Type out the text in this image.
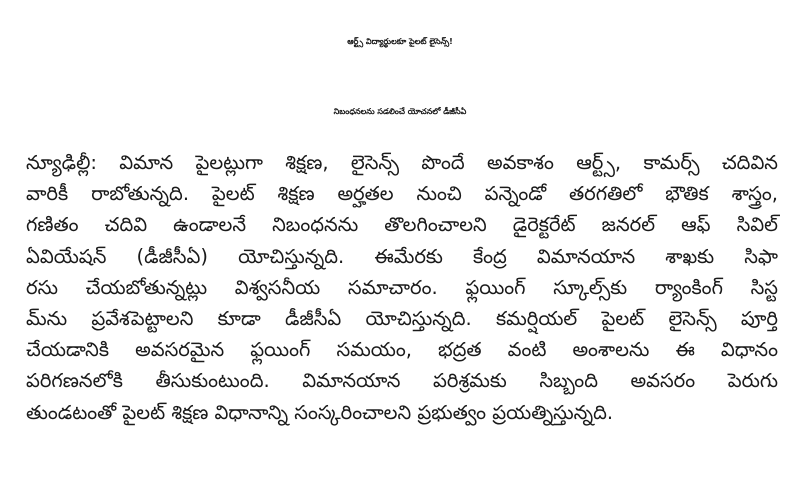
ఆర్ట్స్ విద్యార్థులకూ పైలట్ లైసెన్స్!
నిబంధనలను సడలించే యోచనలో డీజీసీఏ
న్యూఢిల్లీ: విమాన పైలట్లుగా శిక్షణ, లైసెన్స్ పొందే అవకాశం ఆర్ట్స్, కామర్స్ చదివిన
వారికీ రాబోతున్నది. పైలట్ శిక్షణ అర్హతల నుంచి పన్నెండో తరగతిలో భౌతిక శాస్త్రం,
గణితం చదివి ఉండాలనే నిబంధనను తొలగించాలని డైరెక్టరేట్ జనరల్ ఆఫ్ సివిల్
ఏవియేషన్ (డీజీసీఏ) యోచిస్తున్నది. ఈమేరకు కేంద్ర విమానయాన శాఖకు సిఫా
రసు చేయబోతున్నట్లు విశ్వసనీయ సమాచారం. ఫ్లయింగ్ స్కూల్స్‌కు ర్యాంకింగ్ సిస్ట
మ్‌ను ప్రవేశపెట్టాలని కూడా డీజీసీఏ యోచిస్తున్నది. కమర్షియల్ పైలట్ లైసెన్స్ పూర్తి
చేయడానికి అవసరమైన ఫ్లయింగ్ సమయం, భద్రత వంటి అంశాలను ఈ విధానం
పరిగణనలోకి తీసుకుంటుంది. విమానయాన పరిశ్రమకు సిబ్బంది అవసరం పెరుగు
తుండటంతో పైలట్ శిక్షణ విధానాన్ని సంస్కరించాలని ప్రభుత్వం ప్రయత్నిస్తున్నది.
